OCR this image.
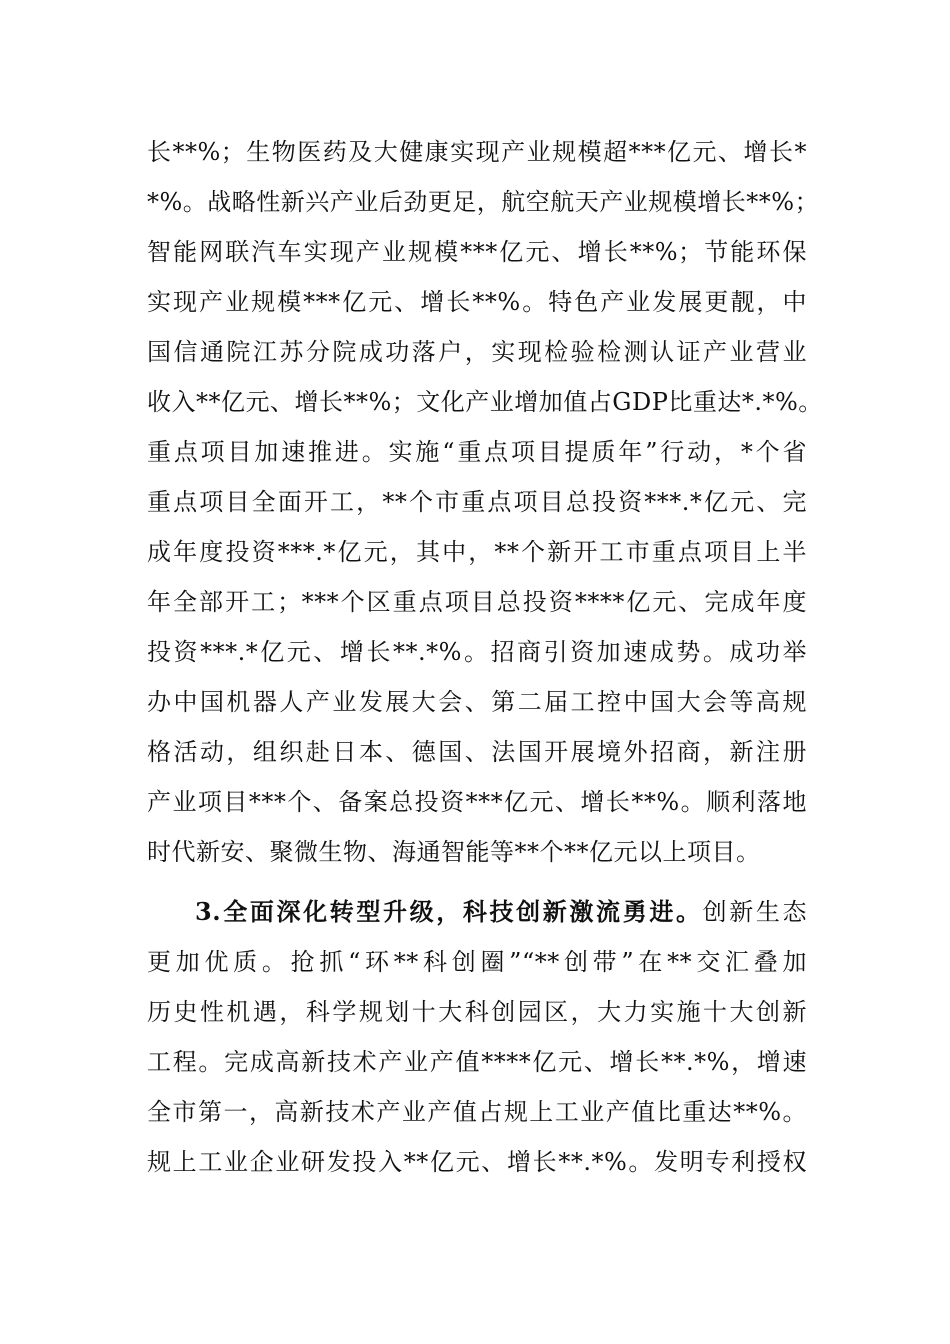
长**%；生物医药及大健康实现产业规模超***亿元、增长*
*%。战略性新兴产业后劲更足，航空航天产业规模增长**%；
智能网联汽车实现产业规模***亿元、增长**%；节能环保
实现产业规模***亿元、增长**%。特色产业发展更靓，中
国信通院江苏分院成功落户，实现检验检测认证产业营业
收入**亿元、增长**%；文化产业增加值占GDP比重达*.*%。
重点项目加速推进。实施“重点项目提质年”行动，*个省
重点项目全面开工，**个市重点项目总投资***.*亿元、完
成年度投资***.*亿元，其中，**个新开工市重点项目上半
年全部开工；***个区重点项目总投资****亿元、完成年度
投资***.*亿元、增长**.*%。招商引资加速成势。成功举
办中国机器人产业发展大会、第二届工控中国大会等高规
格活动，组织赴日本、德国、法国开展境外招商，新注册
产业项目***个、备案总投资***亿元、增长**%。顺利落地
时代新安、聚微生物、海通智能等**个**亿元以上项目。
3.全面深化转型升级，科技创新激流勇进。创新生态
更加优质。抢抓“环**科创圈”“**创带”在**交汇叠加
历史性机遇，科学规划十大科创园区，大力实施十大创新
工程。完成高新技术产业产值****亿元、增长**.*%，增速
全市第一，高新技术产业产值占规上工业产值比重达**%。
规上工业企业研发投入**亿元、增长**.*%。发明专利授权
